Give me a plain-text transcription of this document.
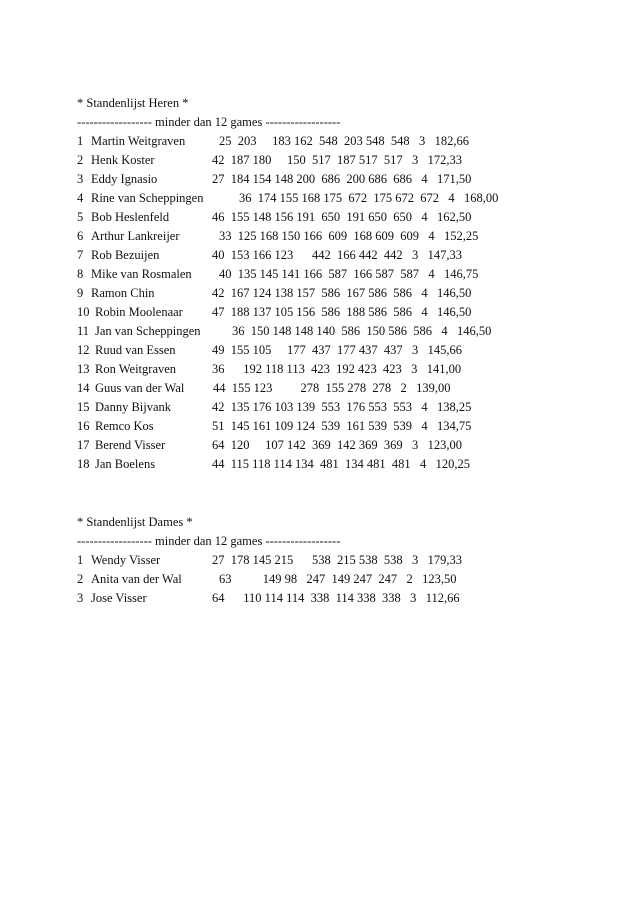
* Standenlijst Heren *
------------------ minder dan 12 games ------------------
1 Martin Weitgraven	25  203     183 162  548  203 548  548   3   182,66
2 Henk Koster	42  187 180     150  517  187 517  517   3   172,33
3 Eddy Ignasio	27  184 154 148 200  686  200 686  686   4   171,50
4 Rine van Scheppingen	36  174 155 168 175  672  175 672  672   4   168,00
5 Bob Heslenfeld	46  155 148 156 191  650  191 650  650   4   162,50
6 Arthur Lankreijer	33  125 168 150 166  609  168 609  609   4   152,25
7 Rob Bezuijen	40  153 166 123      442  166 442  442   3   147,33
8 Mike van Rosmalen	40  135 145 141 166  587  166 587  587   4   146,75
9 Ramon Chin	42  167 124 138 157  586  167 586  586   4   146,50
10 Robin Moolenaar	47  188 137 105 156  586  188 586  586   4   146,50
11 Jan van Scheppingen	36  150 148 148 140  586  150 586  586   4   146,50
12 Ruud van Essen	49  155 105     177  437  177 437  437   3   145,66
13 Ron Weitgraven	36      192 118 113  423  192 423  423   3   141,00
14 Guus van der Wal	44  155 123         278  155 278  278   2   139,00
15 Danny Bijvank	42  135 176 103 139  553  176 553  553   4   138,25
16 Remco Kos	51  145 161 109 124  539  161 539  539   4   134,75
17 Berend Visser	64  120     107 142  369  142 369  369   3   123,00
18 Jan Boelens	44  115 118 114 134  481  134 481  481   4   120,25
* Standenlijst Dames *
------------------ minder dan 12 games ------------------
1 Wendy Visser	27  178 145 215      538  215 538  538   3   179,33
2 Anita van der Wal	63          149 98   247  149 247  247   2   123,50
3 Jose Visser	64      110 114 114  338  114 338  338   3   112,66
